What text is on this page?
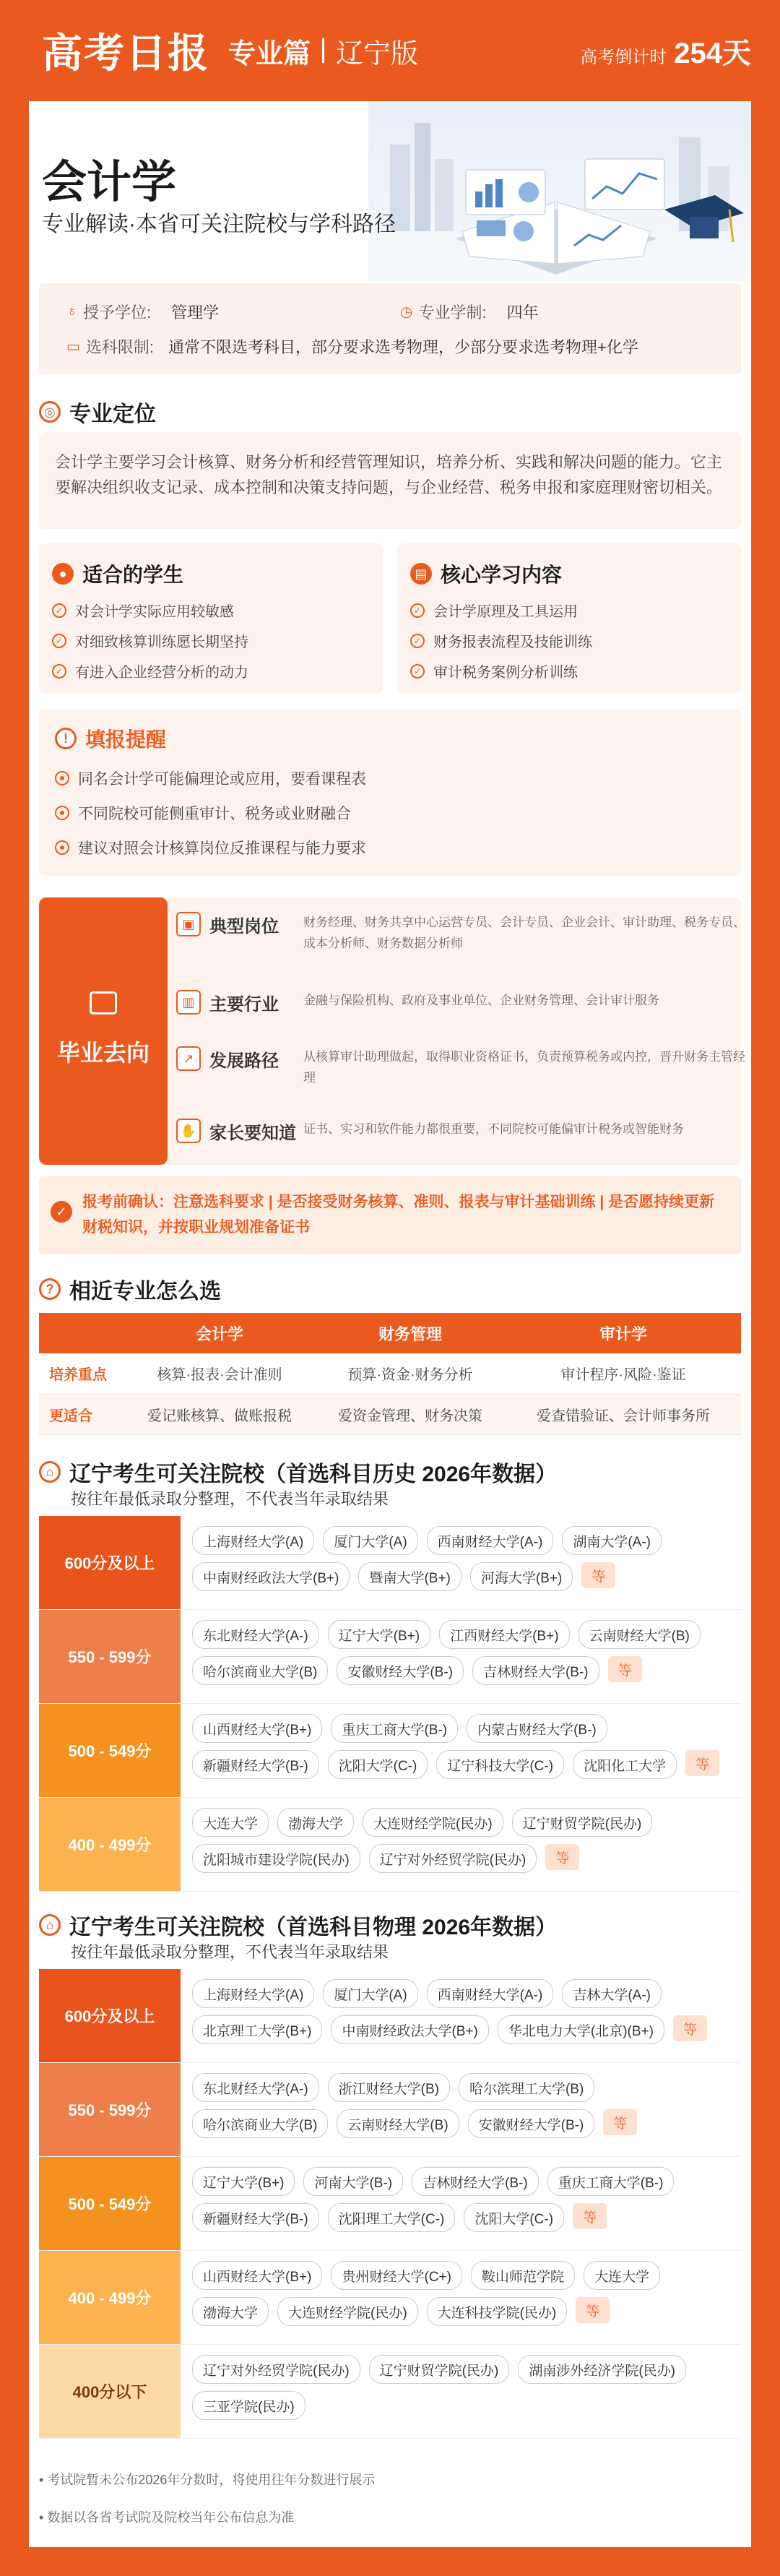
高考日报 专业篇 辽宁版	高考倒计时 254天
会计学
专业解读·本省可关注院校与学科路径
♁ 授予学位: 管理学	◷ 专业学制: 四年
▭ 选科限制: 通常不限选考科目，部分要求选考物理，少部分要求选考物理+化学
◎ 专业定位
会计学主要学习会计核算、财务分析和经营管理知识，培养分析、实践和解决问题的能力。它主要解决组织收支记录、成本控制和决策支持问题，与企业经营、税务申报和家庭理财密切相关。
● 适合的学生
✓ 对会计学实际应用较敏感
✓ 对细致核算训练愿长期坚持
✓ 有进入企业经营分析的动力
▤ 核心学习内容
✓ 会计学原理及工具运用
✓ 财务报表流程及技能训练
✓ 审计税务案例分析训练
! 填报提醒
同名会计学可能偏理论或应用，要看课程表
不同院校可能侧重审计、税务或业财融合
建议对照会计核算岗位反推课程与能力要求
毕业去向
▣ 典型岗位	财务经理、财务共享中心运营专员、会计专员、企业会计、审计助理、税务专员、成本分析师、财务数据分析师
▥ 主要行业	金融与保险机构、政府及事业单位、企业财务管理、会计审计服务
↗ 发展路径	从核算审计助理做起，取得职业资格证书，负责预算税务或内控，晋升财务主管经理
✋ 家长要知道 证书、实习和软件能力都很重要，不同院校可能偏审计税务或智能财务
✓
报考前确认：注意选科要求 | 是否接受财务核算、准则、报表与审计基础训练 | 是否愿持续更新财税知识，并按职业规划准备证书
? 相近专业怎么选
	会计学	财务管理	审计学
培养重点	核算·报表·会计准则	预算·资金·财务分析	审计程序·风险·鉴证
更适合	爱记账核算、做账报税	爱资金管理、财务决策	爱查错验证、会计师事务所
⌂ 辽宁考生可关注院校（首选科目历史 2026年数据）
按往年最低录取分整理，不代表当年录取结果
600分及以上
上海财经大学(A)	厦门大学(A)	西南财经大学(A-)	湖南大学(A-)
中南财经政法大学(B+)	暨南大学(B+)	河海大学(B+)	等
550 - 599分
东北财经大学(A-)	辽宁大学(B+)	江西财经大学(B+)	云南财经大学(B)
哈尔滨商业大学(B)	安徽财经大学(B-)	吉林财经大学(B-)	等
500 - 549分
山西财经大学(B+)	重庆工商大学(B-)	内蒙古财经大学(B-)
新疆财经大学(B-)	沈阳大学(C-)	辽宁科技大学(C-)	沈阳化工大学	等
400 - 499分
大连大学	渤海大学	大连财经学院(民办)	辽宁财贸学院(民办)
沈阳城市建设学院(民办)	辽宁对外经贸学院(民办)	等
⌂ 辽宁考生可关注院校（首选科目物理 2026年数据）
按往年最低录取分整理，不代表当年录取结果
600分及以上
上海财经大学(A)	厦门大学(A)	西南财经大学(A-)	吉林大学(A-)
北京理工大学(B+)	中南财经政法大学(B+)	华北电力大学(北京)(B+)	等
550 - 599分
东北财经大学(A-)	浙江财经大学(B)	哈尔滨理工大学(B)
哈尔滨商业大学(B)	云南财经大学(B)	安徽财经大学(B-)	等
500 - 549分
辽宁大学(B+)	河南大学(B-)	吉林财经大学(B-)	重庆工商大学(B-)
新疆财经大学(B-)	沈阳理工大学(C-)	沈阳大学(C-)	等
400 - 499分
山西财经大学(B+)	贵州财经大学(C+)	鞍山师范学院	大连大学
渤海大学	大连财经学院(民办)	大连科技学院(民办)	等
400分以下
辽宁对外经贸学院(民办)	辽宁财贸学院(民办)	湖南涉外经济学院(民办)
三亚学院(民办)
• 考试院暂未公布2026年分数时，将使用往年分数进行展示
• 数据以各省考试院及院校当年公布信息为准
